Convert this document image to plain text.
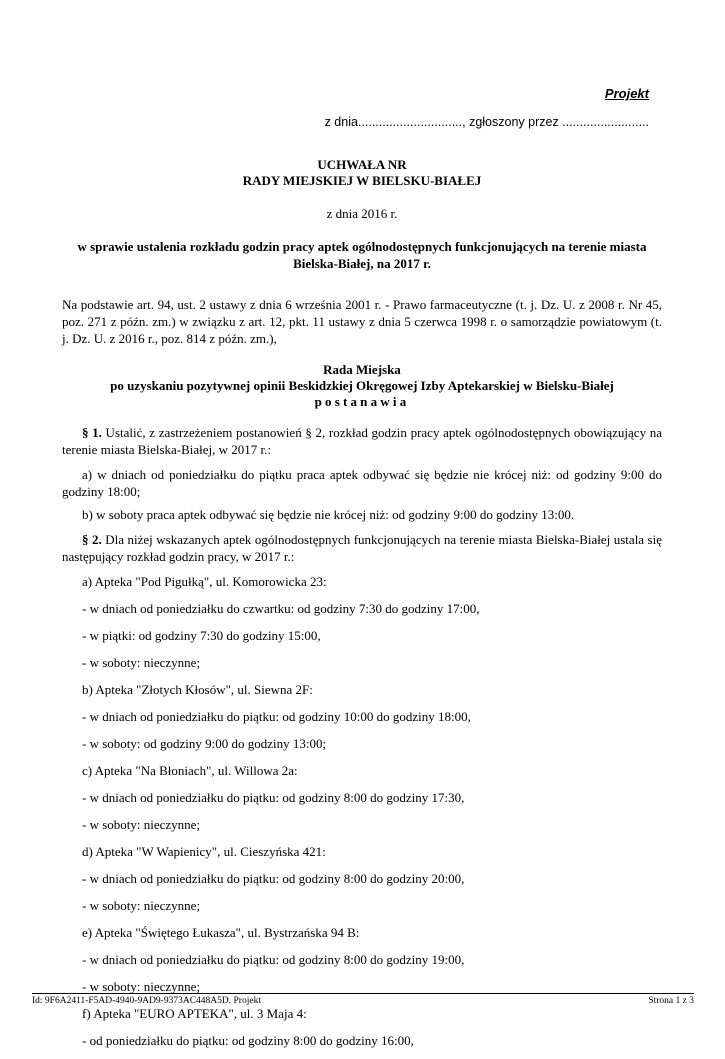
Projekt
z dnia.............................., zgłoszony przez .........................
UCHWAŁA NR
RADY MIEJSKIEJ W BIELSKU-BIAŁEJ
z dnia 2016 r.
w sprawie ustalenia rozkładu godzin pracy aptek ogólnodostępnych funkcjonujących na terenie miasta
Bielska-Białej, na 2017 r.
Na podstawie art. 94, ust. 2 ustawy z dnia 6 września 2001 r. - Prawo farmaceutyczne (t. j. Dz. U. z 2008 r. Nr 45, poz. 271 z późn. zm.) w związku z art. 12, pkt. 11 ustawy z dnia 5 czerwca 1998 r. o samorządzie powiatowym (t. j. Dz. U. z 2016 r., poz. 814 z późn. zm.),
Rada Miejska
po uzyskaniu pozytywnej opinii Beskidzkiej Okręgowej Izby Aptekarskiej w Bielsku-Białej
postanawia

§ 1. Ustalić, z zastrzeżeniem postanowień § 2, rozkład godzin pracy aptek ogólnodostępnych obowiązujący na terenie miasta Bielska-Białej, w 2017 r.:

a) w dniach od poniedziałku do piątku praca aptek odbywać się będzie nie krócej niż: od godziny 9:00 do godziny 18:00;

b) w soboty praca aptek odbywać się będzie nie krócej niż: od godziny 9:00 do godziny 13:00.

§ 2. Dla niżej wskazanych aptek ogólnodostępnych funkcjonujących na terenie miasta Bielska-Białej ustala się następujący rozkład godzin pracy, w 2017 r.:

a) Apteka "Pod Pigułką", ul. Komorowicka 23:

- w dniach od poniedziałku do czwartku: od godziny 7:30 do godziny 17:00,

- w piątki: od godziny 7:30 do godziny 15:00,

- w soboty: nieczynne;

b) Apteka "Złotych Kłosów", ul. Siewna 2F:

- w dniach od poniedziałku do piątku: od godziny 10:00 do godziny 18:00,

- w soboty: od godziny 9:00 do godziny 13:00;

c) Apteka "Na Błoniach", ul. Willowa 2a:

- w dniach od poniedziałku do piątku: od godziny 8:00 do godziny 17:30,

- w soboty: nieczynne;

d) Apteka "W Wapienicy", ul. Cieszyńska 421:

- w dniach od poniedziałku do piątku: od godziny 8:00 do godziny 20:00,

- w soboty: nieczynne;

e) Apteka "Świętego Łukasza", ul. Bystrzańska 94 B:

- w dniach od poniedziałku do piątku: od godziny 8:00 do godziny 19:00,

- w soboty: nieczynne;

f) Apteka "EURO APTEKA", ul. 3 Maja 4:

- od poniedziałku do piątku: od godziny 8:00 do godziny 16:00,

Id: 9F6A2411-F5AD-4940-9AD9-9373AC448A5D. Projekt	Strona 1 z 3
